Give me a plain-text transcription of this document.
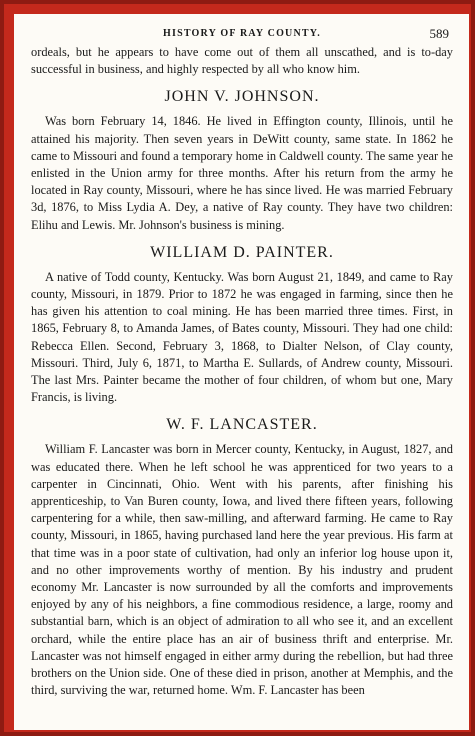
HISTORY OF RAY COUNTY.	589

ordeals, but he appears to have come out of them all unscathed, and is to-day successful in business, and highly respected by all who know him.

JOHN V. JOHNSON.

Was born February 14, 1846. He lived in Effington county, Illinois, until he attained his majority. Then seven years in DeWitt county, same state. In 1862 he came to Missouri and found a temporary home in Caldwell county. The same year he enlisted in the Union army for three months. After his return from the army he located in Ray county, Missouri, where he has since lived. He was married February 3d, 1876, to Miss Lydia A. Dey, a native of Ray county. They have two children: Elihu and Lewis. Mr. Johnson's business is mining.

WILLIAM D. PAINTER.

A native of Todd county, Kentucky. Was born August 21, 1849, and came to Ray county, Missouri, in 1879. Prior to 1872 he was engaged in farming, since then he has given his attention to coal mining. He has been married three times. First, in 1865, February 8, to Amanda James, of Bates county, Missouri. They had one child: Rebecca Ellen. Second, February 3, 1868, to Dialter Nelson, of Clay county, Missouri. Third, July 6, 1871, to Martha E. Sullards, of Andrew county, Missouri. The last Mrs. Painter became the mother of four children, of whom but one, Mary Francis, is living.

W. F. LANCASTER.

William F. Lancaster was born in Mercer county, Kentucky, in August, 1827, and was educated there. When he left school he was apprenticed for two years to a carpenter in Cincinnati, Ohio. Went with his parents, after finishing his apprenticeship, to Van Buren county, Iowa, and lived there fifteen years, following carpentering for a while, then saw-milling, and afterward farming. He came to Ray county, Missouri, in 1865, having purchased land here the year previous. His farm at that time was in a poor state of cultivation, had only an inferior log house upon it, and no other improvements worthy of mention. By his industry and prudent economy Mr. Lancaster is now surrounded by all the comforts and improvements enjoyed by any of his neighbors, a fine commodious residence, a large, roomy and substantial barn, which is an object of admiration to all who see it, and an excellent orchard, while the entire place has an air of business thrift and enterprise. Mr. Lancaster was not himself engaged in either army during the rebellion, but had three brothers on the Union side. One of these died in prison, another at Memphis, and the third, surviving the war, returned home. Wm. F. Lancaster has been
